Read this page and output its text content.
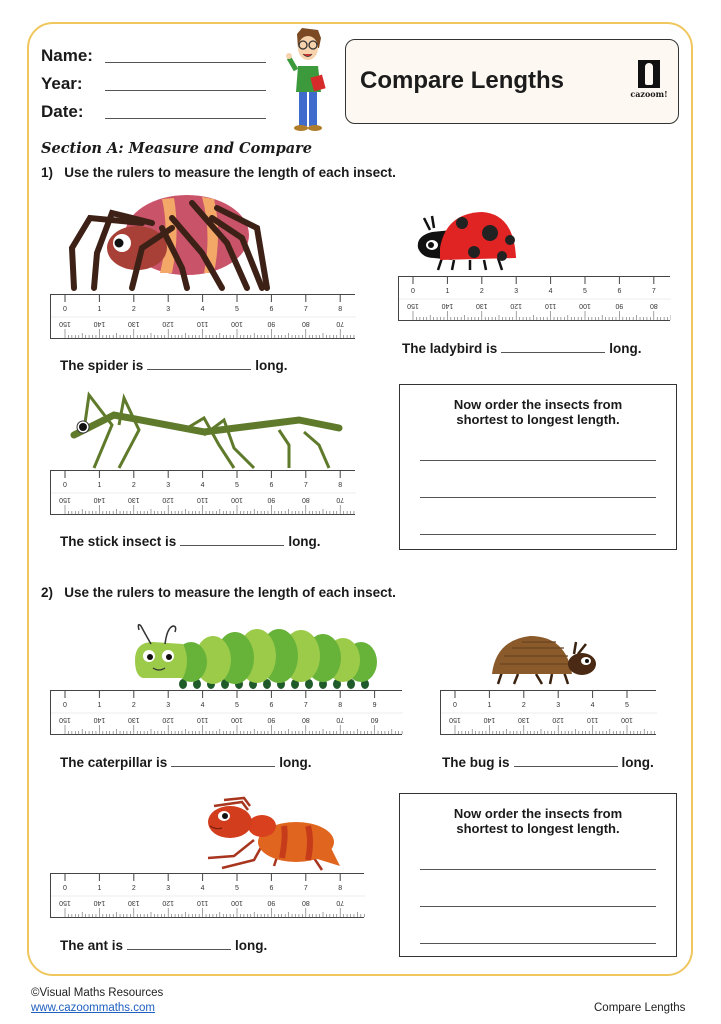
Name:
Year:
Date:
Compare Lengths	cazoom!
Section A: Measure and Compare
1) Use the rulers to measure the length of each insect.
0
150
1
140
2
130
3
120
4
110
5
100
6
90
7
80
8
70
The spider is	long.
0
150
1
140
2
130
3
120
4
110
5
100
6
90
7
80
The ladybird is	long.
0
150
1
140
2
130
3
120
4
110
5
100
6
90
7
80
8
70
The stick insect is	long.
Now order the insects from
shortest to longest length.
2) Use the rulers to measure the length of each insect.
0
150
1
140
2
130
3
120
4
110
5
100
6
90
7
80
8
70
9
60
The caterpillar is	long.
0
150
1
140
2
130
3
120
4
110
5
100
The bug is	long.
0
150
1
140
2
130
3
120
4
110
5
100
6
90
7
80
8
70
The ant is	long.
Now order the insects from
shortest to longest length.
©Visual Maths Resources
www.cazoommaths.com	Compare Lengths
